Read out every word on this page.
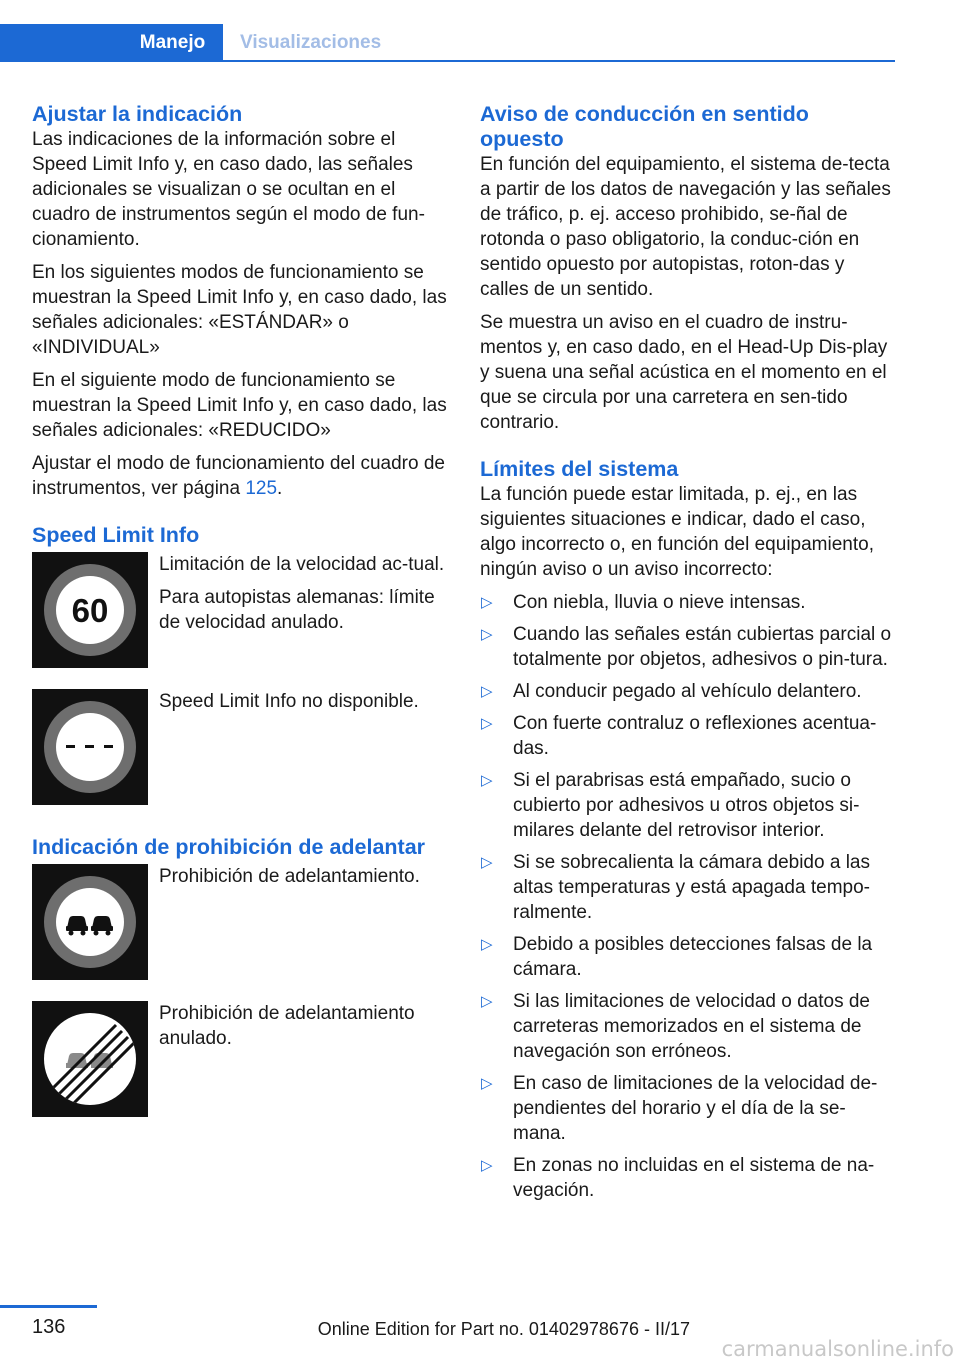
Manejo	Visualizaciones
Ajustar la indicación

Las indicaciones de la información sobre el Speed Limit Info y, en caso dado, las señales adicionales se visualizan o se ocultan en el cuadro de instrumentos según el modo de fun-cionamiento.

En los siguientes modos de funcionamiento se muestran la Speed Limit Info y, en caso dado, las señales adicionales: «ESTÁNDAR» o «INDIVIDUAL»

En el siguiente modo de funcionamiento se muestran la Speed Limit Info y, en caso dado, las señales adicionales: «REDUCIDO»

Ajustar el modo de funcionamiento del cuadro de instrumentos, ver página 125.

Speed Limit Info
60

Limitación de la velocidad ac-tual.

Para autopistas alemanas: límite de velocidad anulado.

Speed Limit Info no disponible.

Indicación de prohibición de adelantar

Prohibición de adelantamiento.

Prohibición de adelantamiento anulado.

Aviso de conducción en sentido opuesto

En función del equipamiento, el sistema de-tecta a partir de los datos de navegación y las señales de tráfico, p. ej. acceso prohibido, se-ñal de rotonda o paso obligatorio, la conduc-ción en sentido opuesto por autopistas, roton-das y calles de un sentido.

Se muestra un aviso en el cuadro de instru-mentos y, en caso dado, en el Head-Up Dis-play y suena una señal acústica en el momento en el que se circula por una carretera en sen-tido contrario.

Límites del sistema

La función puede estar limitada, p. ej., en las siguientes situaciones e indicar, dado el caso, algo incorrecto o, en función del equipamiento, ningún aviso o un aviso incorrecto:

▷	Con niebla, lluvia o nieve intensas.
▷	Cuando las señales están cubiertas parcial o totalmente por objetos, adhesivos o pin-tura.
▷	Al conducir pegado al vehículo delantero.
▷	Con fuerte contraluz o reflexiones acentua-das.
▷	Si el parabrisas está empañado, sucio o cubierto por adhesivos u otros objetos si-milares delante del retrovisor interior.
▷	Si se sobrecalienta la cámara debido a las altas temperaturas y está apagada tempo-ralmente.
▷	Debido a posibles detecciones falsas de la cámara.
▷	Si las limitaciones de velocidad o datos de carreteras memorizados en el sistema de navegación son erróneos.
▷	En caso de limitaciones de la velocidad de-pendientes del horario y el día de la se-mana.
▷	En zonas no incluidas en el sistema de na-vegación.
136	Online Edition for Part no. 01402978676 - II/17
carmanualsonline.info
